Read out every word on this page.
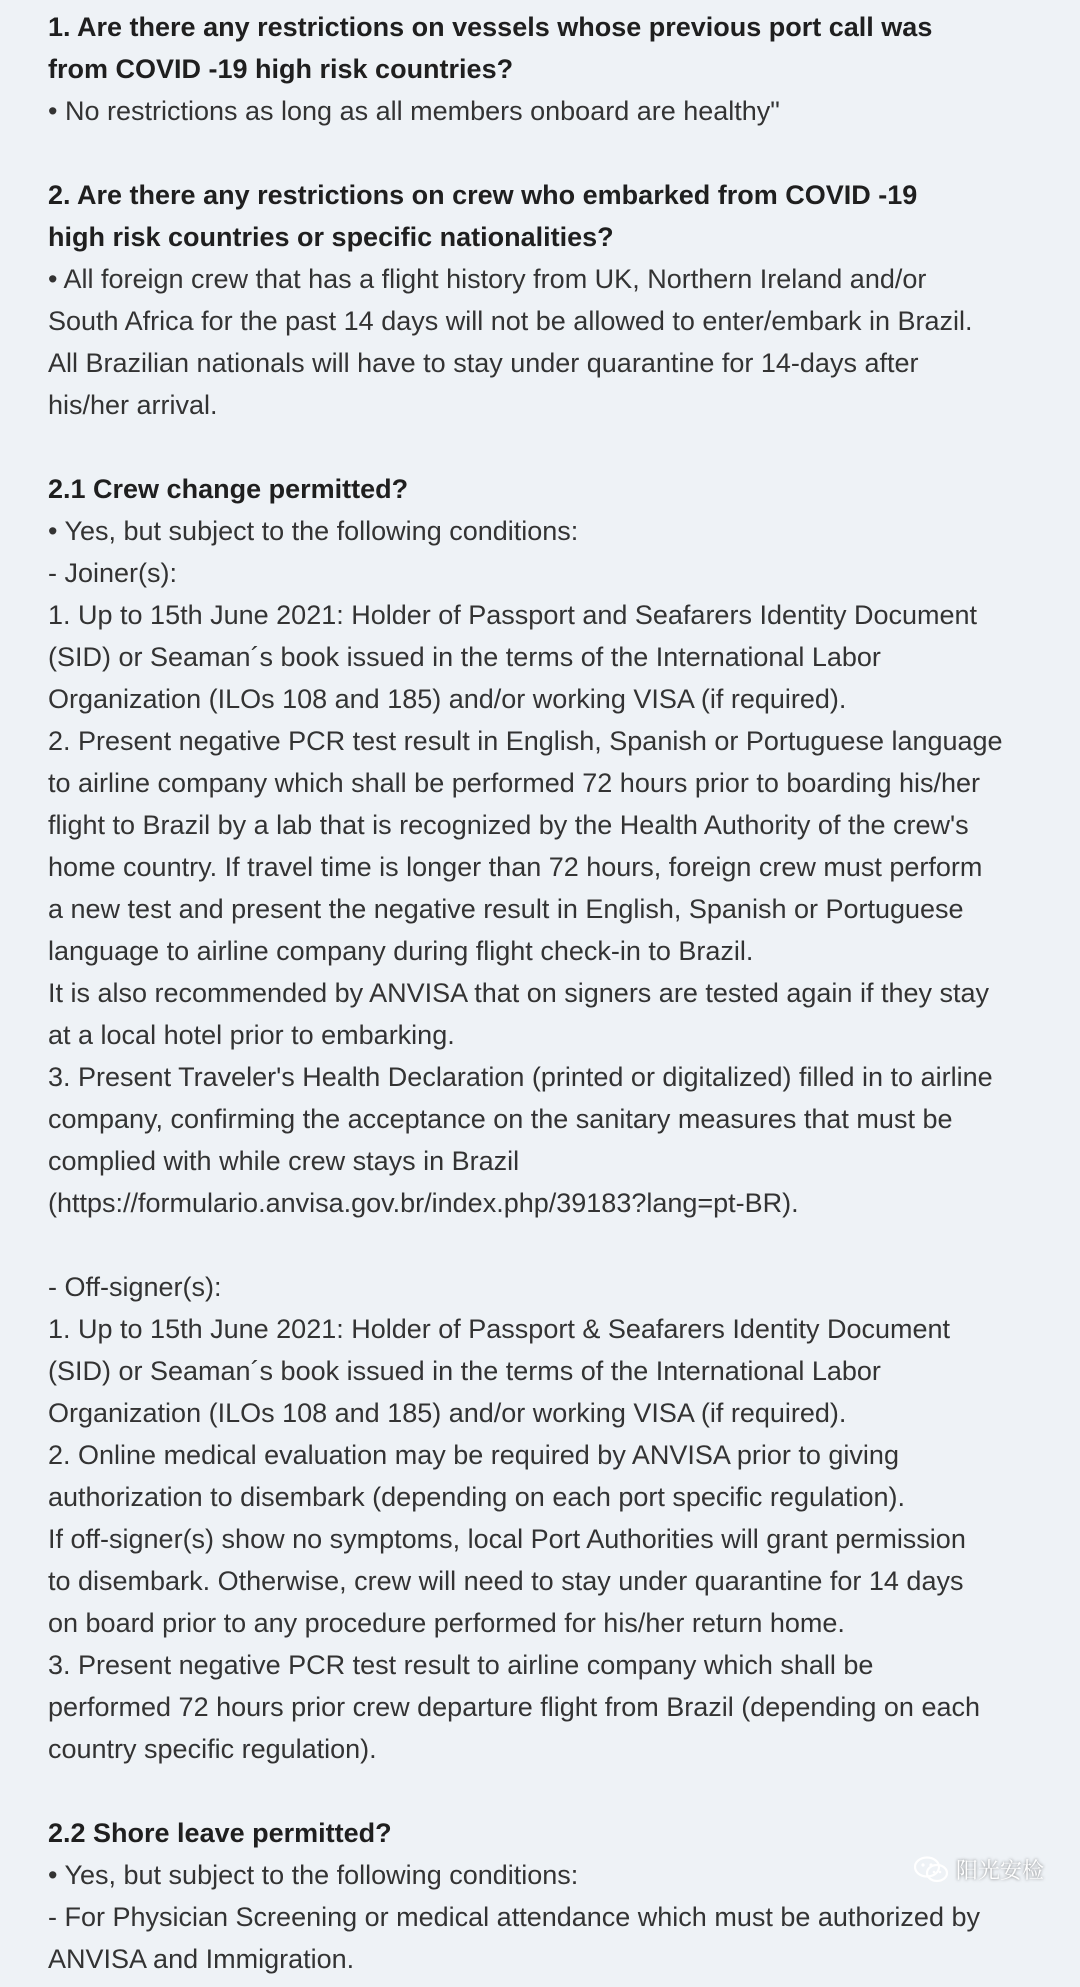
1. Are there any restrictions on vessels whose previous port call was

from COVID -19 high risk countries?

• No restrictions as long as all members onboard are healthy"

2. Are there any restrictions on crew who embarked from COVID -19

high risk countries or specific nationalities?

• All foreign crew that has a flight history from UK, Northern Ireland and/or

South Africa for the past 14 days will not be allowed to enter/embark in Brazil.

All Brazilian nationals will have to stay under quarantine for 14-days after

his/her arrival.

2.1 Crew change permitted?

• Yes, but subject to the following conditions:

- Joiner(s):

1. Up to 15th June 2021: Holder of Passport and Seafarers Identity Document

(SID) or Seaman´s book issued in the terms of the International Labor

Organization (ILOs 108 and 185) and/or working VISA (if required).

2. Present negative PCR test result in English, Spanish or Portuguese language

to airline company which shall be performed 72 hours prior to boarding his/her

flight to Brazil by a lab that is recognized by the Health Authority of the crew's

home country. If travel time is longer than 72 hours, foreign crew must perform

a new test and present the negative result in English, Spanish or Portuguese

language to airline company during flight check-in to Brazil.

It is also recommended by ANVISA that on signers are tested again if they stay

at a local hotel prior to embarking.

3. Present Traveler's Health Declaration (printed or digitalized) filled in to airline

company, confirming the acceptance on the sanitary measures that must be

complied with while crew stays in Brazil

(https://formulario.anvisa.gov.br/index.php/39183?lang=pt-BR).

- Off-signer(s):

1. Up to 15th June 2021: Holder of Passport & Seafarers Identity Document

(SID) or Seaman´s book issued in the terms of the International Labor

Organization (ILOs 108 and 185) and/or working VISA (if required).

2. Online medical evaluation may be required by ANVISA prior to giving

authorization to disembark (depending on each port specific regulation).

If off-signer(s) show no symptoms, local Port Authorities will grant permission

to disembark. Otherwise, crew will need to stay under quarantine for 14 days

on board prior to any procedure performed for his/her return home.

3. Present negative PCR test result to airline company which shall be

performed 72 hours prior crew departure flight from Brazil (depending on each

country specific regulation).

2.2 Shore leave permitted?

• Yes, but subject to the following conditions:

- For Physician Screening or medical attendance which must be authorized by

ANVISA and Immigration.

阳光安检
